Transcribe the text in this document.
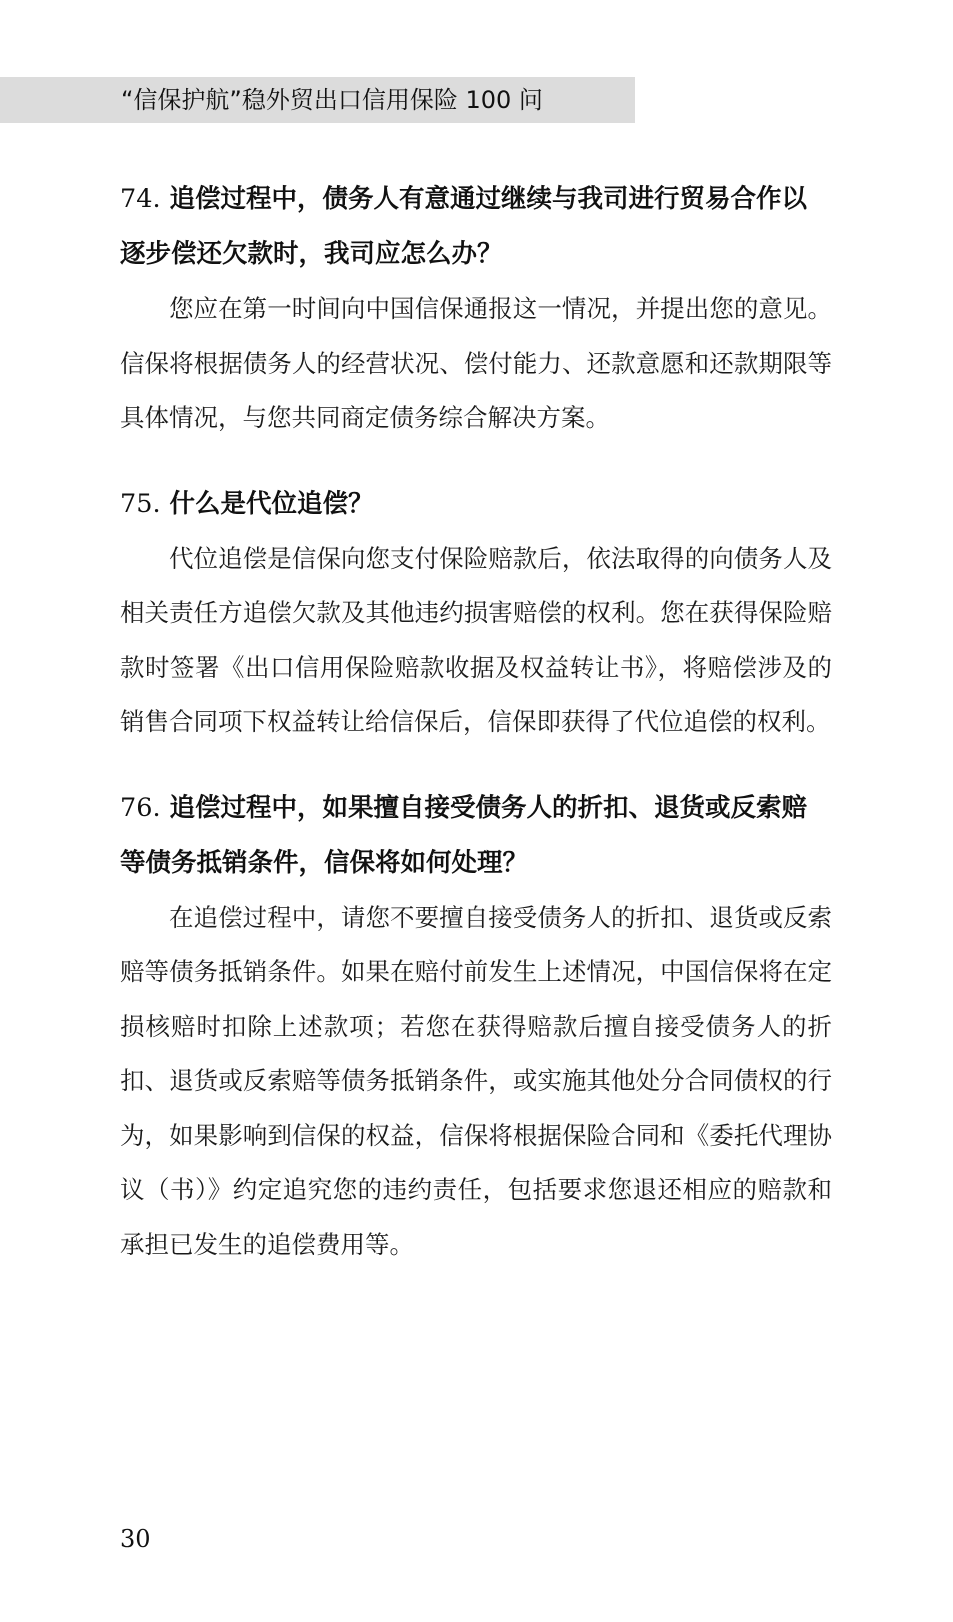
“信保护航”稳外贸出口信用保险 100 问

74. 追偿过程中，债务人有意通过继续与我司进行贸易合作以逐步偿还欠款时，我司应怎么办？

您应在第一时间向中国信保通报这一情况，并提出您的意见。信保将根据债务人的经营状况、偿付能力、还款意愿和还款期限等具体情况，与您共同商定债务综合解决方案。

75. 什么是代位追偿？

代位追偿是信保向您支付保险赔款后，依法取得的向债务人及相关责任方追偿欠款及其他违约损害赔偿的权利。您在获得保险赔款时签署《出口信用保险赔款收据及权益转让书》，将赔偿涉及的销售合同项下权益转让给信保后，信保即获得了代位追偿的权利。

76. 追偿过程中，如果擅自接受债务人的折扣、退货或反索赔等债务抵销条件，信保将如何处理？

在追偿过程中，请您不要擅自接受债务人的折扣、退货或反索赔等债务抵销条件。如果在赔付前发生上述情况，中国信保将在定损核赔时扣除上述款项；若您在获得赔款后擅自接受债务人的折扣、退货或反索赔等债务抵销条件，或实施其他处分合同债权的行为，如果影响到信保的权益，信保将根据保险合同和《委托代理协议（书）》约定追究您的违约责任，包括要求您退还相应的赔款和承担已发生的追偿费用等。

30
